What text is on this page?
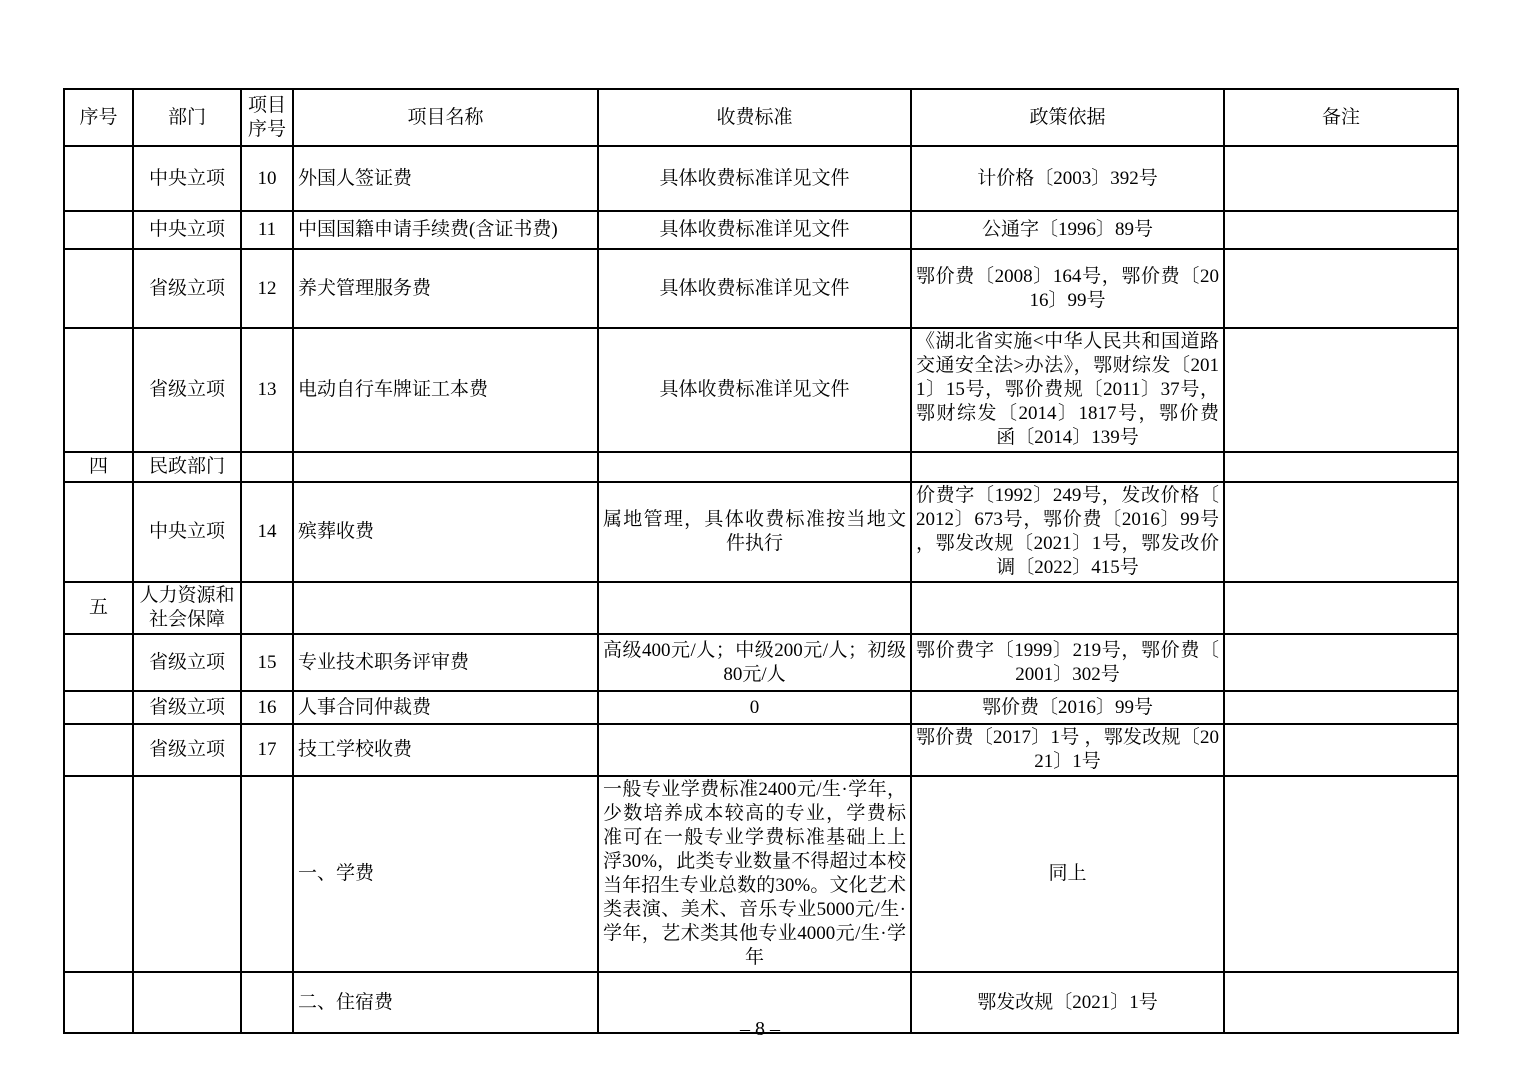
序号	部门	项目序号	项目名称	收费标准	政策依据	备注
	中央立项	10	外国人签证费	具体收费标准详见文件	计价格〔2003〕392号	
	中央立项	11	中国国籍申请手续费(含证书费)	具体收费标准详见文件	公通字〔1996〕89号	
	省级立项	12	养犬管理服务费	具体收费标准详见文件	鄂价费〔2008〕164号，鄂价费〔2016〕99号	
	省级立项	13	电动自行车牌证工本费	具体收费标准详见文件	《湖北省实施<中华人民共和国道路交通安全法>办法》，鄂财综发〔2011〕15号，鄂价费规〔2011〕37号，鄂财综发〔2014〕1817号，鄂价费函〔2014〕139号	
四	民政部门					
	中央立项	14	殡葬收费	属地管理，具体收费标准按当地文件执行	价费字〔1992〕249号，发改价格〔2012〕673号，鄂价费〔2016〕99号，鄂发改规〔2021〕1号，鄂发改价调〔2022〕415号	
五	人力资源和社会保障					
	省级立项	15	专业技术职务评审费	高级400元/人；中级200元/人；初级80元/人	鄂价费字〔1999〕219号，鄂价费〔2001〕302号	
	省级立项	16	人事合同仲裁费	0	鄂价费〔2016〕99号	
	省级立项	17	技工学校收费		鄂价费〔2017〕1号 ，鄂发改规〔2021〕1号	
			一、学费	一般专业学费标准2400元/生·学年，少数培养成本较高的专业，学费标准可在一般专业学费标准基础上上浮30%，此类专业数量不得超过本校当年招生专业总数的30%。文化艺术类表演、美术、音乐专业5000元/生·学年，艺术类其他专业4000元/生·学年	同上	
			二、住宿费		鄂发改规〔2021〕1号	
– 8 –
